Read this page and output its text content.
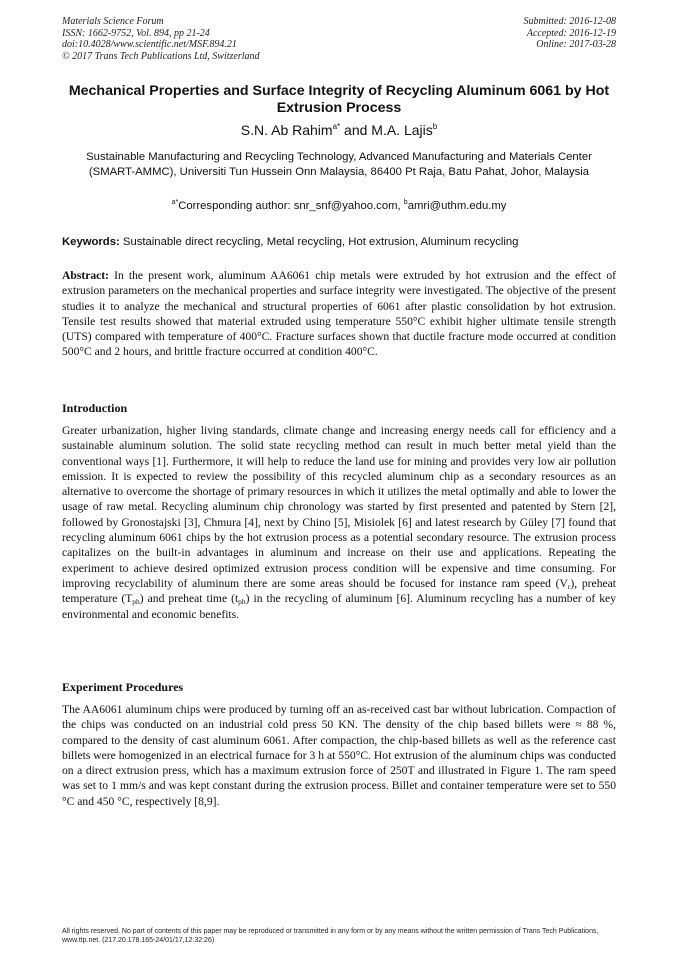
Materials Science Forum
ISSN: 1662-9752, Vol. 894, pp 21-24
doi:10.4028/www.scientific.net/MSF.894.21
© 2017 Trans Tech Publications Ltd, Switzerland
Submitted: 2016-12-08
Accepted: 2016-12-19
Online: 2017-03-28
Mechanical Properties and Surface Integrity of Recycling Aluminum 6061 by Hot Extrusion Process
S.N. Ab Rahim$^{a*}$ and M.A. Lajis$^b$
Sustainable Manufacturing and Recycling Technology, Advanced Manufacturing and Materials Center (SMART-AMMC), Universiti Tun Hussein Onn Malaysia, 86400 Pt Raja, Batu Pahat, Johor, Malaysia
$^{a*}$Corresponding author: snr_snf@yahoo.com, $^b$amri@uthm.edu.my
Keywords: Sustainable direct recycling, Metal recycling, Hot extrusion, Aluminum recycling
Abstract: In the present work, aluminum AA6061 chip metals were extruded by hot extrusion and the effect of extrusion parameters on the mechanical properties and surface integrity were investigated. The objective of the present studies it to analyze the mechanical and structural properties of 6061 after plastic consolidation by hot extrusion. Tensile test results showed that material extruded using temperature 550°C exhibit higher ultimate tensile strength (UTS) compared with temperature of 400°C. Fracture surfaces shown that ductile fracture mode occurred at condition 500°C and 2 hours, and brittle fracture occurred at condition 400°C.
Introduction
Greater urbanization, higher living standards, climate change and increasing energy needs call for efficiency and a sustainable aluminum solution. The solid state recycling method can result in much better metal yield than the conventional ways [1]. Furthermore, it will help to reduce the land use for mining and provides very low air pollution emission. It is expected to review the possibility of this recycled aluminum chip as a secondary resources as an alternative to overcome the shortage of primary resources in which it utilizes the metal optimally and able to lower the usage of raw metal. Recycling aluminum chip chronology was started by first presented and patented by Stern [2], followed by Gronostajski [3], Chmura [4], next by Chino [5], Misiolek [6] and latest research by Güley [7] found that recycling aluminum 6061 chips by the hot extrusion process as a potential secondary resource. The extrusion process capitalizes on the built-in advantages in aluminum and increase on their use and applications. Repeating the experiment to achieve desired optimized extrusion process condition will be expensive and time consuming. For improving recyclability of aluminum there are some areas should be focused for instance ram speed $(V_r)$, preheat temperature $(T_{ph})$ and preheat time $(t_{ph})$ in the recycling of aluminum [6]. Aluminum recycling has a number of key environmental and economic benefits.
Experiment Procedures
The AA6061 aluminum chips were produced by turning off an as-received cast bar without lubrication. Compaction of the chips was conducted on an industrial cold press 50 KN. The density of the chip based billets were ≈ 88 %, compared to the density of cast aluminum 6061. After compaction, the chip-based billets as well as the reference cast billets were homogenized in an electrical furnace for 3 h at 550°C. Hot extrusion of the aluminum chips was conducted on a direct extrusion press, which has a maximum extrusion force of 250T and illustrated in Figure 1. The ram speed was set to 1 mm/s and was kept constant during the extrusion process. Billet and container temperature were set to 550 °C and 450 °C, respectively [8,9].
All rights reserved. No part of contents of this paper may be reproduced or transmitted in any form or by any means without the written permission of Trans Tech Publications, www.ttp.net. (217.20.178.165-24/01/17,12:32:26)
